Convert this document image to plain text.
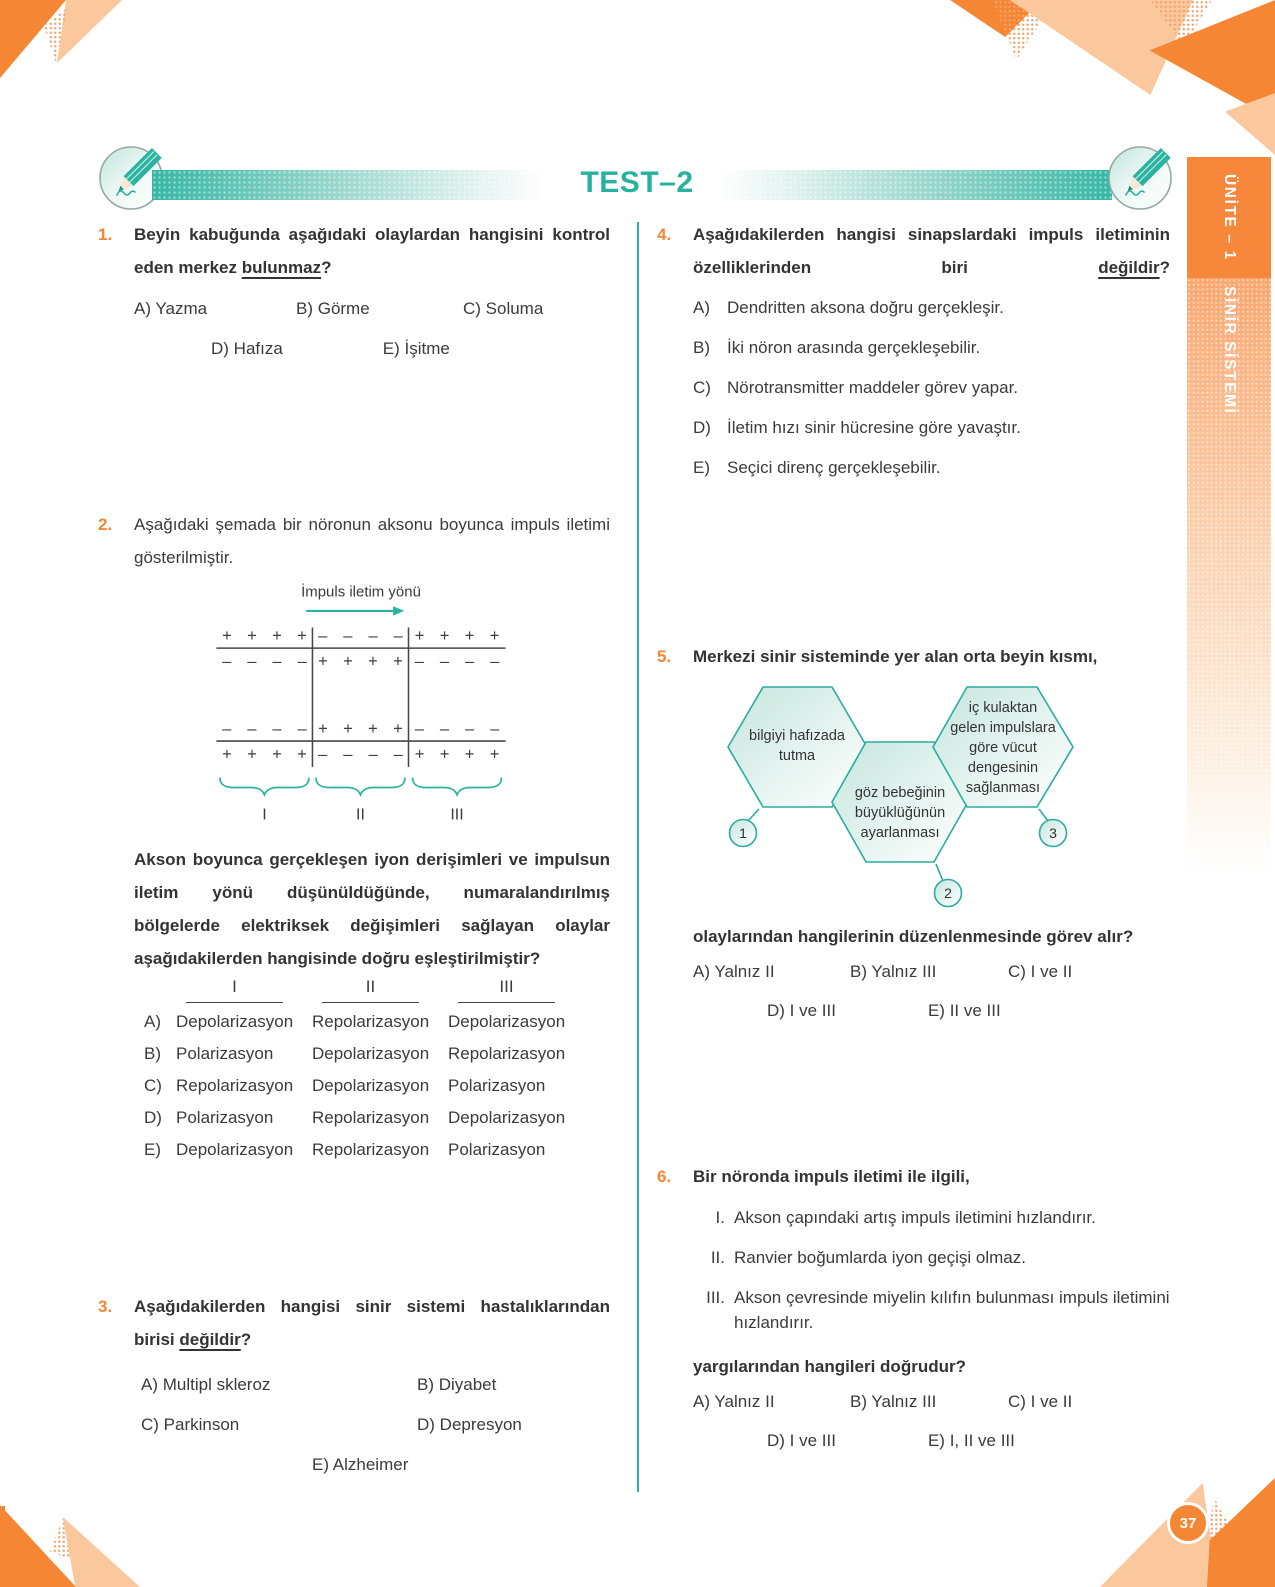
TEST–2	ÜNİTE – 1
SİNİR SİSTEMİ
1.	Beyin kabuğunda aşağıdaki olaylardan hangisini kontrol eden merkez bulunmaz?
A) Yazma	B) Görme	C) Soluma
D) Hafıza	E) İşitme
2.	Aşağıdaki şemada bir nöronun aksonu boyunca impuls iletimi gösterilmiştir.
İmpuls iletim yönü
+ + + + – – – – + + + +
– – – – + + + + – – – –
– – – – + + + + – – – –
+ + + + – – – – + + + +
I	II	III
Akson boyunca gerçekleşen iyon derişimleri ve impulsun iletim yönü düşünüldüğünde, numaralandırılmış bölgelerde elektriksek değişimleri sağlayan olaylar aşağıdakilerden hangisinde doğru eşleştirilmiştir?
I	II	III
A) Depolarizasyon	Repolarizasyon	Depolarizasyon
B) Polarizasyon	Depolarizasyon	Repolarizasyon
C) Repolarizasyon	Depolarizasyon	Polarizasyon
D) Polarizasyon	Repolarizasyon	Depolarizasyon
E) Depolarizasyon	Repolarizasyon	Polarizasyon
3.	Aşağıdakilerden hangisi sinir sistemi hastalıklarından birisi değildir?
A) Multipl skleroz	B) Diyabet
C) Parkinson	D) Depresyon
E) Alzheimer
4.	Aşağıdakilerden hangisi sinapslardaki impuls iletiminin özelliklerinden biri değildir?
A)	Dendritten aksona doğru gerçekleşir.
B)	İki nöron arasında gerçekleşebilir.
C) Nörotransmitter maddeler görev yapar.
D) İletim hızı sinir hücresine göre yavaştır.
E)	Seçici direnç gerçekleşebilir.
5.	Merkezi sinir sisteminde yer alan orta beyin kısmı,
bilgiyi hafızada
tutma
göz bebeğinin
büyüklüğünün
ayarlanması
iç kulaktan
gelen impulslara
göre vücut
dengesinin
sağlanması
1
2
3
olaylarından hangilerinin düzenlenmesinde görev alır?
A) Yalnız II	B) Yalnız III	C) I ve II
D) I ve III	E) II ve III
6.	Bir nöronda impuls iletimi ile ilgili,
I. Akson çapındaki artış impuls iletimini hızlandırır.
II. Ranvier boğumlarda iyon geçişi olmaz.
III. Akson çevresinde miyelin kılıfın bulunması impuls iletimini hızlandırır.
yargılarından hangileri doğrudur?
A) Yalnız II	B) Yalnız III	C) I ve II
D) I ve III	E) I, II ve III
37
